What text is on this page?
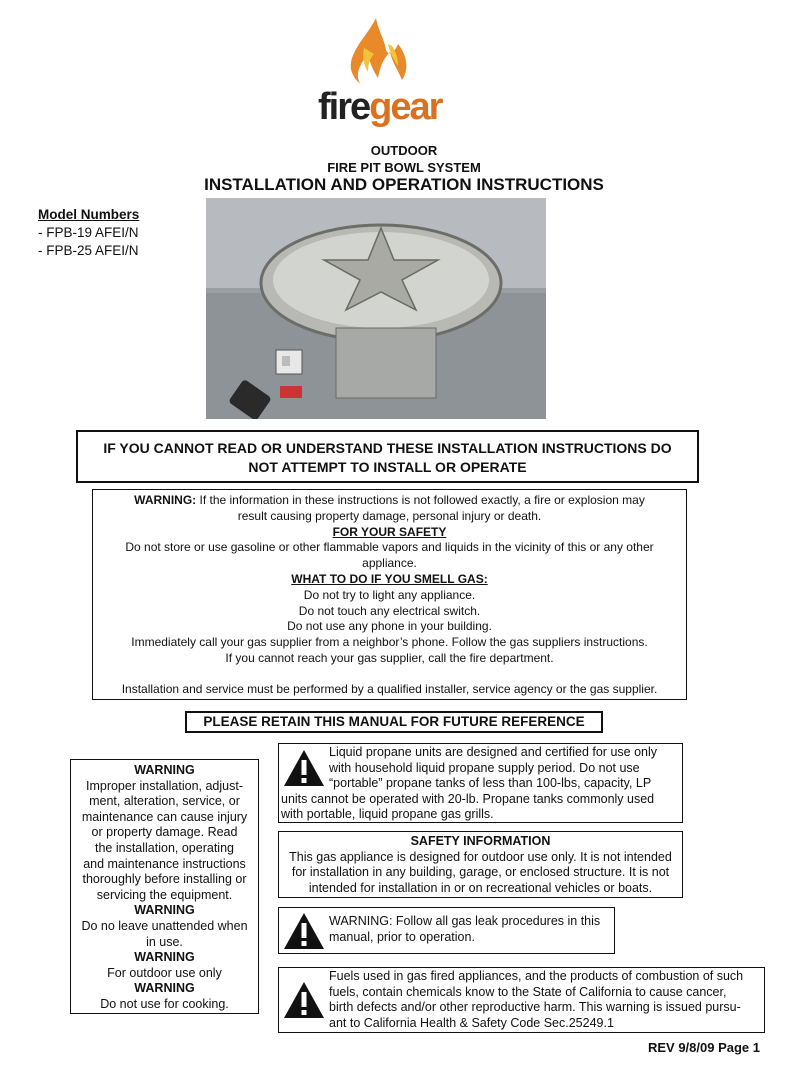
firegear
OUTDOOR
FIRE PIT BOWL SYSTEM
INSTALLATION AND OPERATION INSTRUCTIONS
Model Numbers
- FPB-19 AFEI/N
- FPB-25 AFEI/N
IF YOU CANNOT READ OR UNDERSTAND THESE INSTALLATION INSTRUCTIONS DO
NOT ATTEMPT TO INSTALL OR OPERATE
WARNING: If the information in these instructions is not followed exactly, a fire or explosion may
result causing property damage, personal injury or death.
FOR YOUR SAFETY
Do not store or use gasoline or other flammable vapors and liquids in the vicinity of this or any other
appliance.
WHAT TO DO IF YOU SMELL GAS:
Do not try to light any appliance.
Do not touch any electrical switch.
Do not use any phone in your building.
Immediately call your gas supplier from a neighbor’s phone. Follow the gas suppliers instructions.
If you cannot reach your gas supplier, call the fire department.
Installation and service must be performed by a qualified installer, service agency or the gas supplier.
PLEASE RETAIN THIS MANUAL FOR FUTURE REFERENCE
WARNING
Improper installation, adjust-
ment, alteration, service, or
maintenance can cause injury
or property damage. Read
the installation, operating
and maintenance instructions
thoroughly before installing or
servicing the equipment.
WARNING
Do no leave unattended when
in use.
WARNING
For outdoor use only
WARNING
Do not use for cooking.
Liquid propane units are designed and certified for use only
with household liquid propane supply period. Do not use
“portable” propane tanks of less than 100-lbs, capacity, LP
units cannot be operated with 20-lb. Propane tanks commonly used
with portable, liquid propane gas grills.
SAFETY INFORMATION
This gas appliance is designed for outdoor use only. It is not intended
for installation in any building, garage, or enclosed structure. It is not
intended for installation in or on recreational vehicles or boats.
WARNING: Follow all gas leak procedures in this
manual, prior to operation.
Fuels used in gas fired appliances, and the products of combustion of such
fuels, contain chemicals know to the State of California to cause cancer,
birth defects and/or other reproductive harm. This warning is issued pursu-
ant to California Health & Safety Code Sec.25249.1
REV 9/8/09 Page 1
